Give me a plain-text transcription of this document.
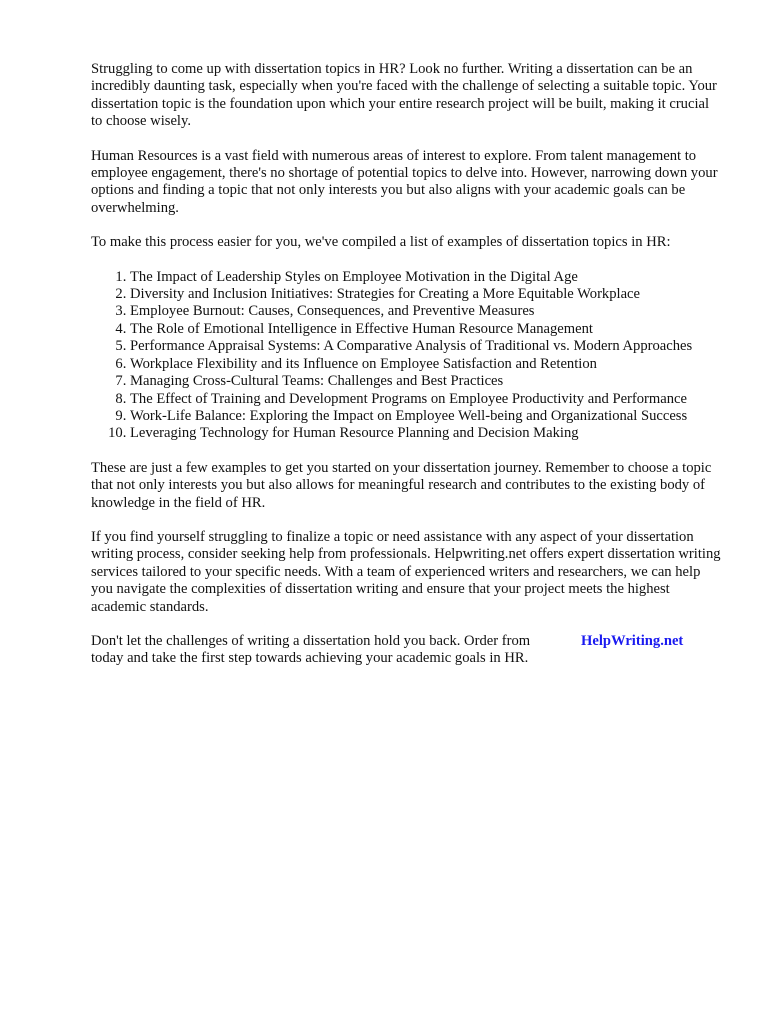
Struggling to come up with dissertation topics in HR? Look no further. Writing a dissertation can be an incredibly daunting task, especially when you're faced with the challenge of selecting a suitable topic. Your dissertation topic is the foundation upon which your entire research project will be built, making it crucial to choose wisely.

Human Resources is a vast field with numerous areas of interest to explore. From talent management to employee engagement, there's no shortage of potential topics to delve into. However, narrowing down your options and finding a topic that not only interests you but also aligns with your academic goals can be overwhelming.

To make this process easier for you, we've compiled a list of examples of dissertation topics in HR:

1. The Impact of Leadership Styles on Employee Motivation in the Digital Age
2. Diversity and Inclusion Initiatives: Strategies for Creating a More Equitable Workplace
3. Employee Burnout: Causes, Consequences, and Preventive Measures
4. The Role of Emotional Intelligence in Effective Human Resource Management
5. Performance Appraisal Systems: A Comparative Analysis of Traditional vs. Modern Approaches
6. Workplace Flexibility and its Influence on Employee Satisfaction and Retention
7. Managing Cross-Cultural Teams: Challenges and Best Practices
8. The Effect of Training and Development Programs on Employee Productivity and Performance
9. Work-Life Balance: Exploring the Impact on Employee Well-being and Organizational Success
10. Leveraging Technology for Human Resource Planning and Decision Making

These are just a few examples to get you started on your dissertation journey. Remember to choose a topic that not only interests you but also allows for meaningful research and contributes to the existing body of knowledge in the field of HR.

If you find yourself struggling to finalize a topic or need assistance with any aspect of your dissertation writing process, consider seeking help from professionals. Helpwriting.net offers expert dissertation writing services tailored to your specific needs. With a team of experienced writers and researchers, we can help you navigate the complexities of dissertation writing and ensure that your project meets the highest academic standards.

Don't let the challenges of writing a dissertation hold you back. Order from
today and take the first step towards achieving your academic goals in HR.
HelpWriting.net
